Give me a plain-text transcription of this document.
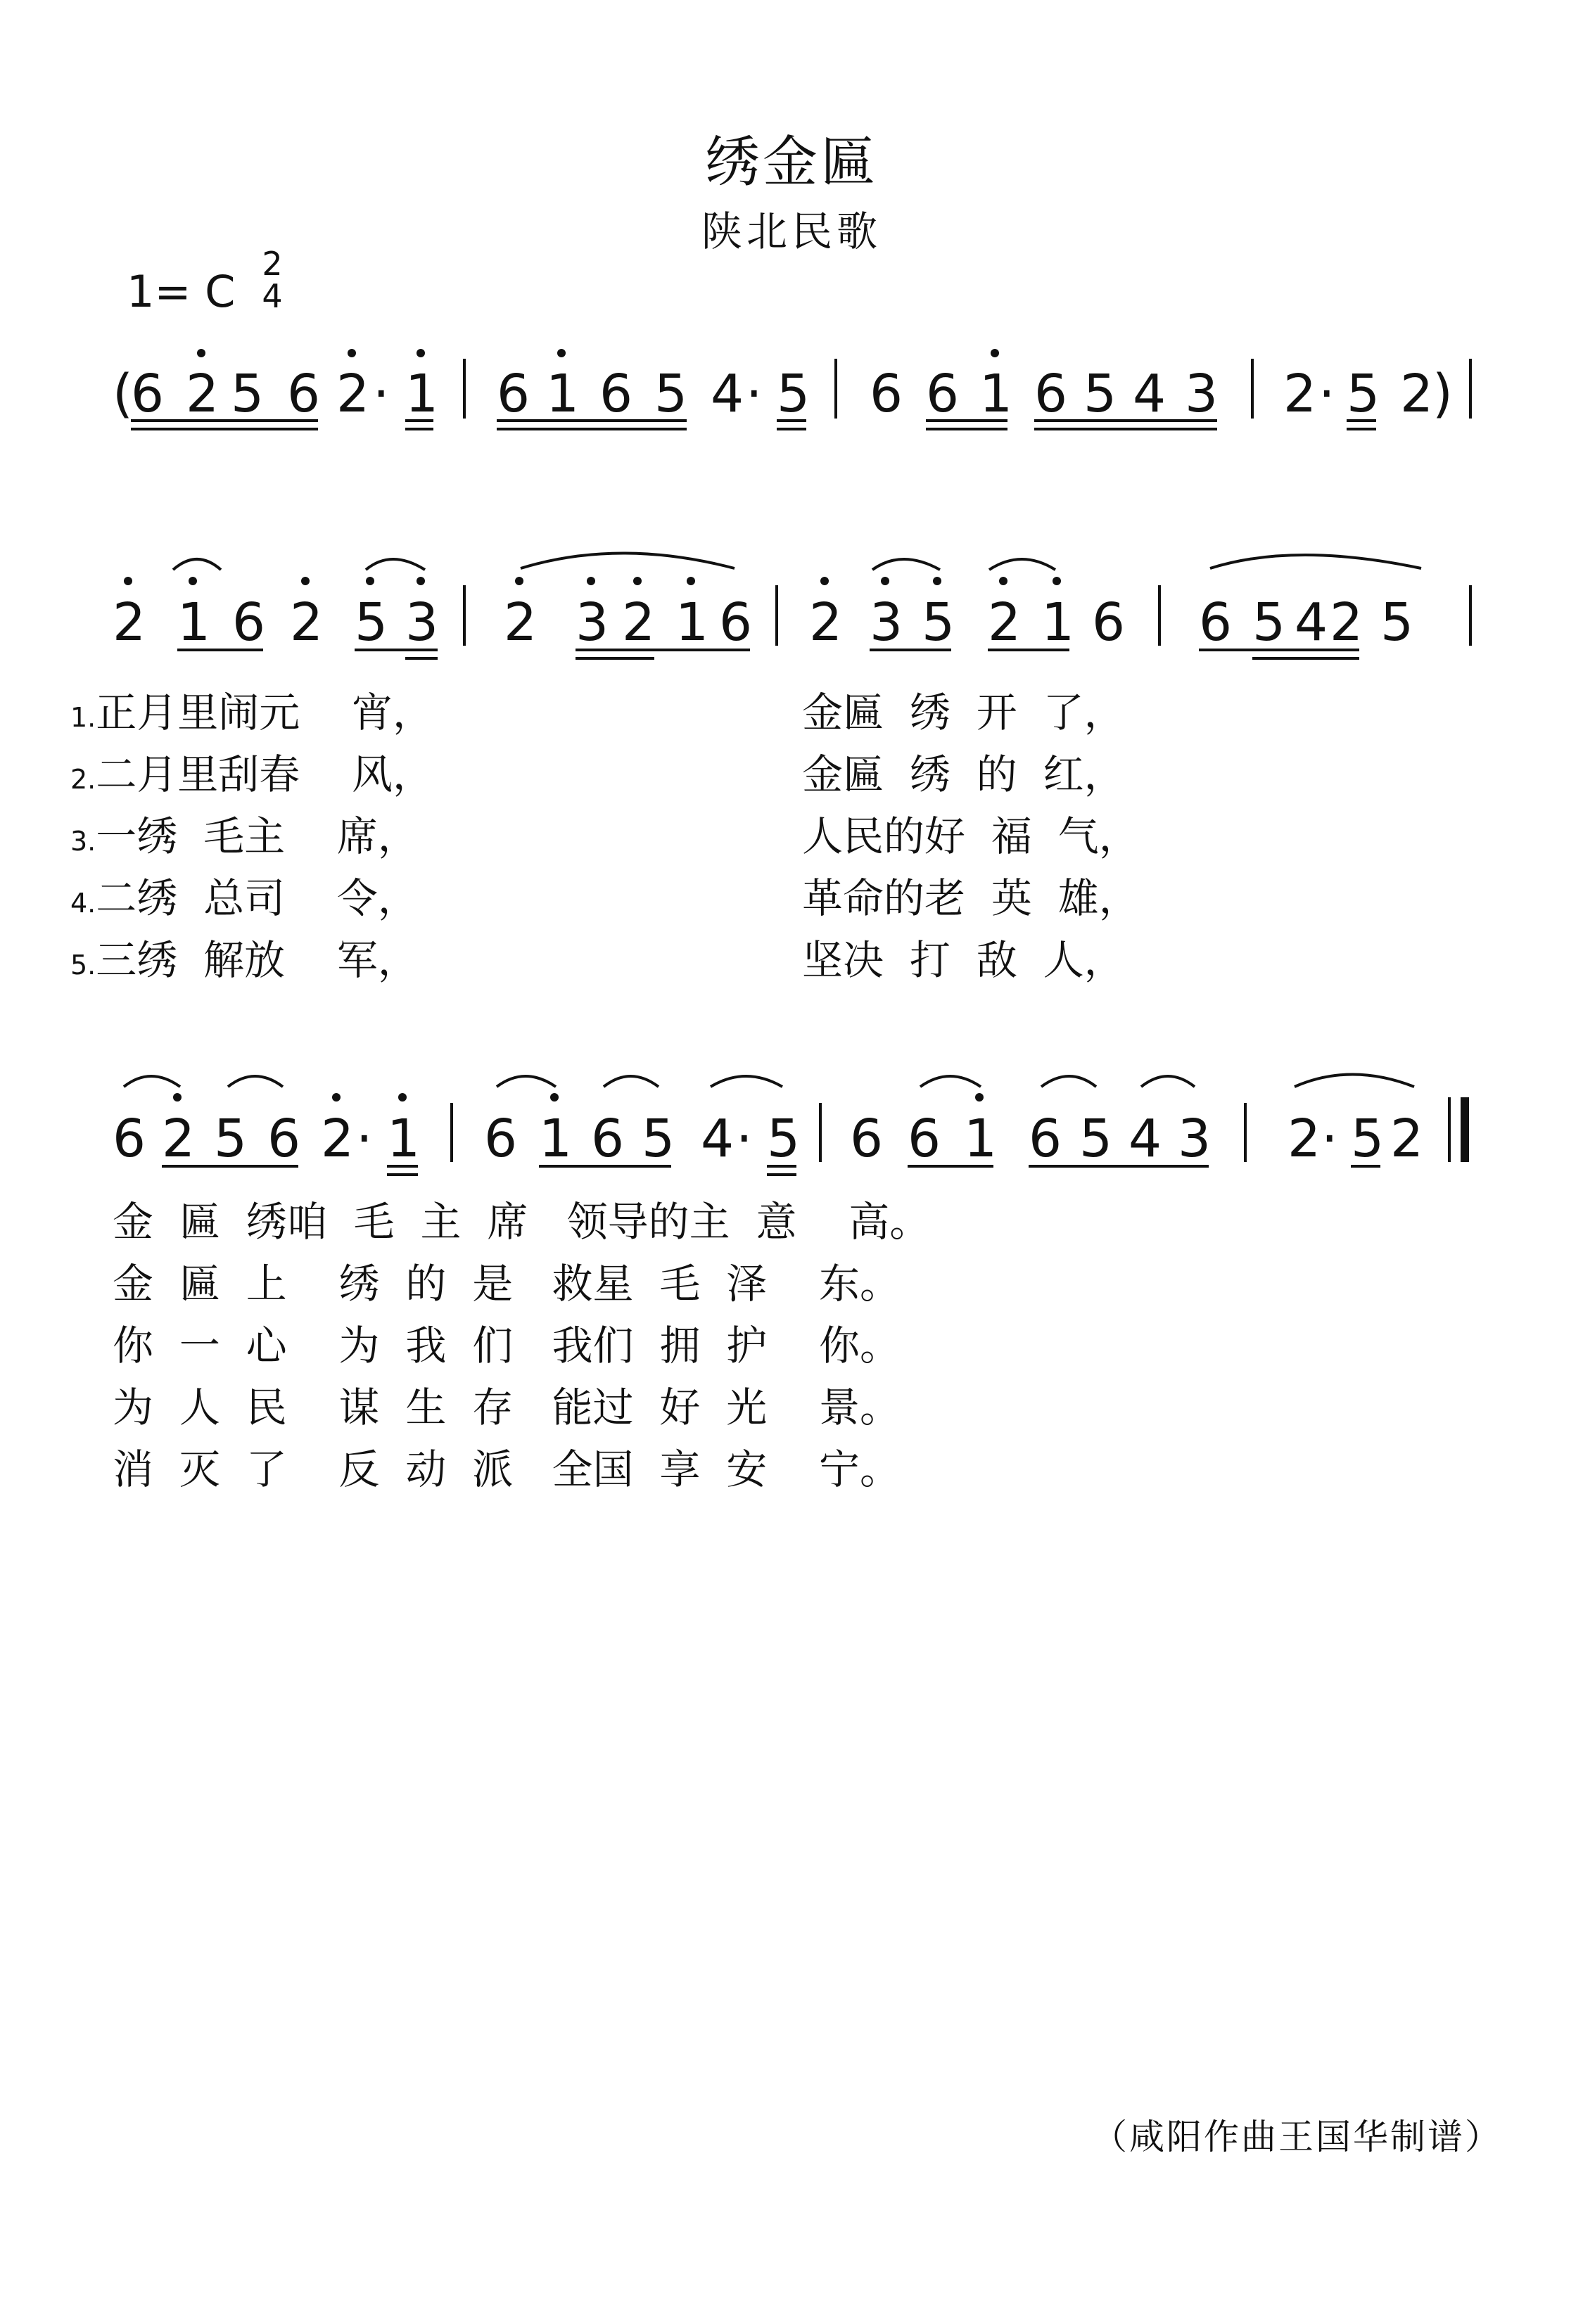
绣金匾
陕北民歌
1= C
2
4
(
6 2 5 6 2 · 1 6 1 6 5 4 · 5 6 6 1 6 5 4 3 2 · 5 2
)
2 1 6 2 5 3 2 3 2 1 6 2 3 5 2 1 6 6 5 4 2 5
6 2 5 6 2 · 1 6 1 6 5 4 · 5 6 6 1 6 5 4 3 2 · 5 2
1.正月里闹元    宵，
2.二月里刮春    风，
3.一绣  毛主    席，
4.二绣  总司    令，
5.三绣  解放    军，
金匾  绣  开  了，
金匾  绣  的  红，
人民的好  福  气，
革命的老  英  雄，
坚决  打  敌  人，
金  匾  绣咱  毛  主  席   领导的主  意    高。
金  匾  上    绣  的  是   救星  毛  泽    东。
你  一  心    为  我  们   我们  拥  护    你。
为  人  民    谋  生  存   能过  好  光    景。
消  灭  了    反  动  派   全国  享  安    宁。
（咸阳作曲王国华制谱）
